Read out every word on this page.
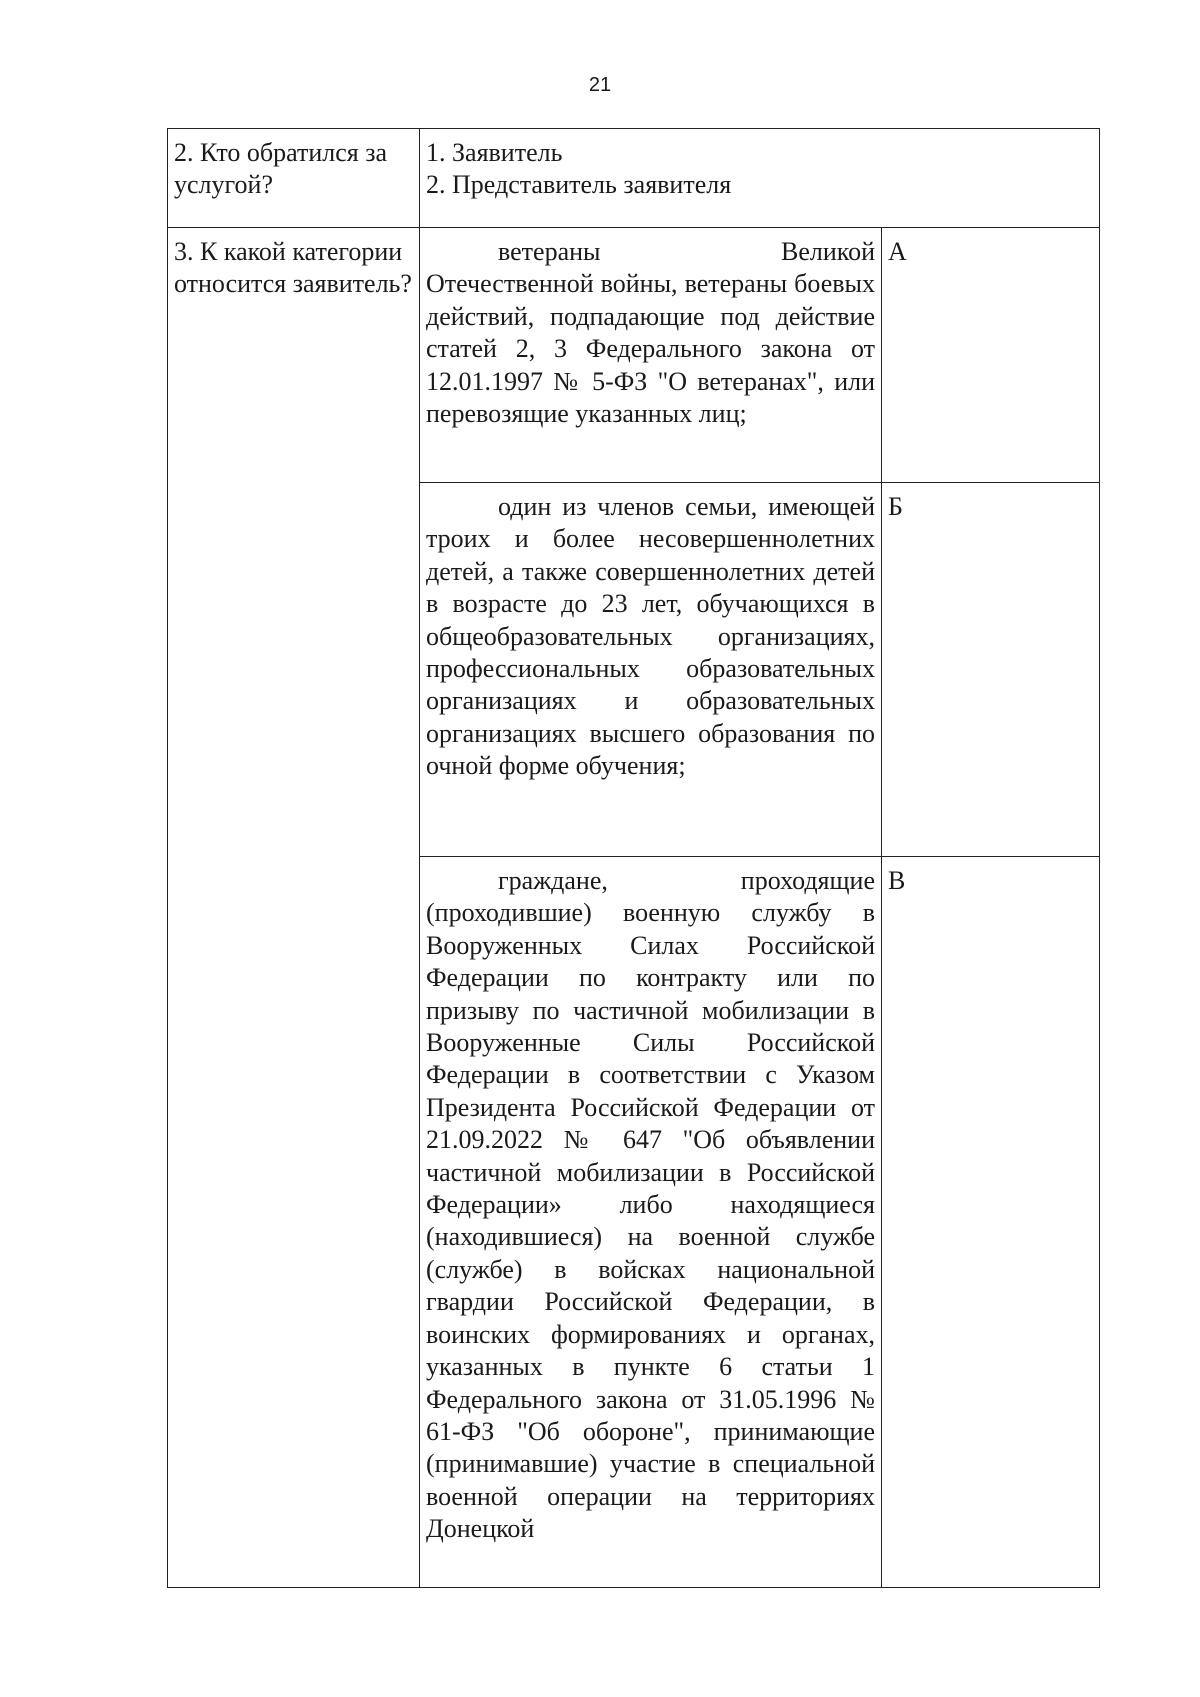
21
2. Кто обратился за услугой?	1. Заявитель
2. Представитель заявителя	

3. К какой категории относится заявитель?	ветераны Великой Отечественной войны, ветераны боевых действий, подпадающие под действие статей 2, 3 Федерального закона от 12.01.1997 № 5-ФЗ "О ветеранах", или перевозящие указанных лиц;	А

	один из членов семьи, имеющей троих и более несовершеннолетних детей, а также совершеннолетних детей в возрасте до 23 лет, обучающихся в общеобразовательных организациях, профессиональных образовательных организациях и образовательных организациях высшего образования по очной форме обучения;	Б

	граждане, проходящие (проходившие) военную службу в Вооруженных Силах Российской Федерации по контракту или по призыву по частичной мобилизации в Вооруженные Силы Российской Федерации в соответствии с Указом Президента Российской Федерации от 21.09.2022 № 647 "Об объявлении частичной мобилизации в Российской Федерации» либо находящиеся (находившиеся) на военной службе (службе) в войсках национальной гвардии Российской Федерации, в воинских формированиях и органах, указанных в пункте 6 статьи 1 Федерального закона от 31.05.1996 № 61-ФЗ "Об обороне", принимающие (принимавшие) участие в специальной военной операции на территориях Донецкой	В
